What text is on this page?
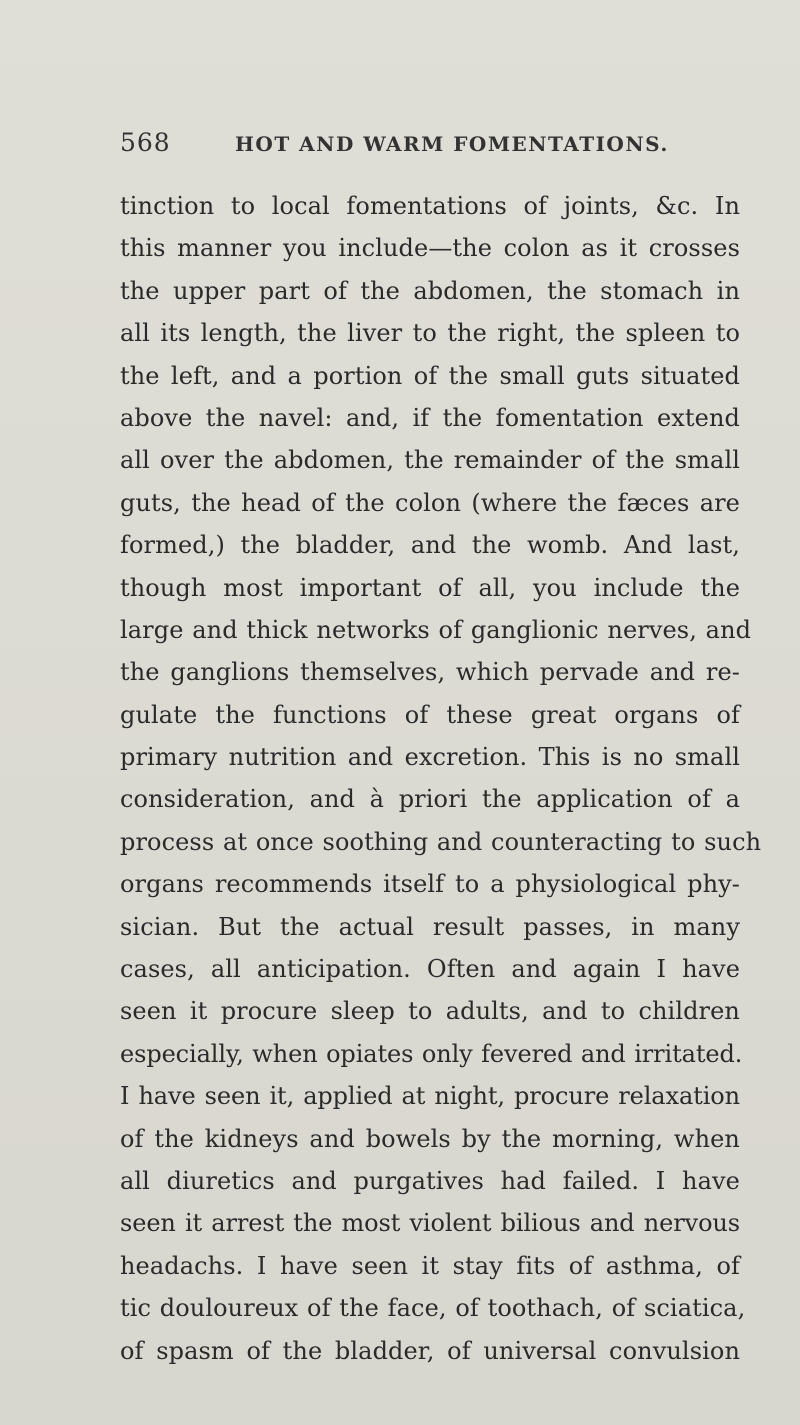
568	HOT AND WARM FOMENTATIONS.
tinction to local fomentations of joints, &c. In
this manner you include—the colon as it crosses
the upper part of the abdomen, the stomach in
all its length, the liver to the right, the spleen to
the left, and a portion of the small guts situated
above the navel: and, if the fomentation extend
all over the abdomen, the remainder of the small
guts, the head of the colon (where the fæces are
formed,) the bladder, and the womb. And last,
though most important of all, you include the
large and thick networks of ganglionic nerves, and
the ganglions themselves, which pervade and re-
gulate the functions of these great organs of
primary nutrition and excretion. This is no small
consideration, and à priori the application of a
process at once soothing and counteracting to such
organs recommends itself to a physiological phy-
sician. But the actual result passes, in many
cases, all anticipation. Often and again I have
seen it procure sleep to adults, and to children
especially, when opiates only fevered and irritated.
I have seen it, applied at night, procure relaxation
of the kidneys and bowels by the morning, when
all diuretics and purgatives had failed. I have
seen it arrest the most violent bilious and nervous
headachs. I have seen it stay fits of asthma, of
tic douloureux of the face, of toothach, of sciatica,
of spasm of the bladder, of universal convulsion
